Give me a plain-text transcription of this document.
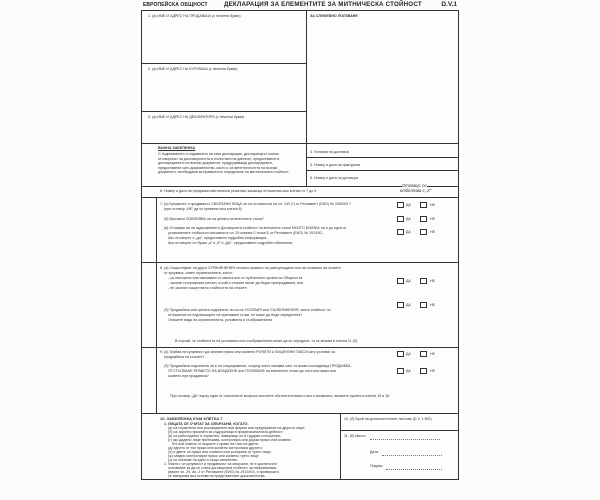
ЕВРОПЕЙСКА ОБЩНОСТ	ДЕКЛАРАЦИЯ ЗА ЕЛЕМЕНТИТЕ ЗА МИТНИЧЕСКА СТОЙНОСТ	D.V.1
1. (а) ИМЕ И АДРЕС НА ПРОДАВАЧА (с печатни букви)	ЗА СЛУЖЕБНО ПОЛЗВАНЕ
2. (а) ИМЕ И АДРЕС НА КУПУВАЧА (с печатни букви)
3. (а) ИМЕ И АДРЕС НА ДЕКЛАРАТОРА (с печатни букви)
ВАЖНА ЗАБЕЛЕЖКА
С подписването и подаването на тази декларация, деклараторът поема
отговорност за достоверността и пълнотата на данните, предоставени в
декларацията и на всички документи, придружаващи декларацията,
предоставени като доказателство, както и за автентичността на всички
документи, необходими за правилното определяне на митническата стойност.
4. Условия на доставка
5. Номер и дата на фактурата
6. Номер и дата на договора
6. Номер и дата на предишни митнически решения, касаещи отношения към клетки от 7 до 9
Отговор: се
отбелязва с „X“
7. (а) Купувачът и продавачът СВЪРЗАНИ ЛИЦА ли са по смисъла на чл. 143 (*) от Регламент (ЕИО) № 2454/93 ?
(при отговор „НЕ“ да се премине към клетка 8)
ДА	НЕ
(б) Връзката ПОВЛИЯВА ли на цената на внесените стоки?	ДА	НЕ
(в) Отговаря ли на задължението Договорната стойност на внесените стоки МНОГО БЛИЗКА ли е до една от
установените стойности изложени в чл. 29 алинея 2 точка Б от Регламент (ЕИО) № 2913/92 ,
Ако отговорът е „да“, предоставете подробна информация:
Ако отговорът по букви „а“ и „б“ е „ДА“, предоставете подробни обяснения.
ДА	НЕ
8. (а) Съществуват ли други ОГРАНИЧЕНИЯ относно правото на разпореждане или на ползване на стоките
от купувача, освен ограниченията, които:
- са наложени или изисквани от закона или от публичните органи на Общността
- засягат географския регион, в който стоките могат да бъдат препродавани, или
- не засягат съществено стойността на стоките
ДА	НЕ
(б) Продажбата или цената подчинени ли са на УСЛОВИЯ или СЪОБРАЖЕНИЯ, чиято стойност по
отношение на подлежащите на оценяване стоки, не може да бъде определена?
Опишете вида на ограниченията, условията и съображенията.
ДА	НЕ
В случай, че стойността на условията или съображенията може да се определи, тя се вписва в клетка 11 (б).
9. (а) Трябва ли купувачът да заплати пряко или косвено РОЯЛТИ и ЛИЦЕНЗНИ ТАКСИ като условие за
продажбата на стоките?
ДА	НЕ
(б) Продажбата подчинена ли е на споразумение, според което някаква част от всяка последваща ПРОДАЖБА,
ОТСТЪПВАНЕ ПРАВОТО НА ВЛАДЕЕНЕ или ПОЛЗВАНЕ на внесените стоки ще постъпи пряко или
косвено при продавача?
ДА	НЕ
При отговор „ДА“ върху един от посочените въпроси посочете обстоятелствата и ако е възможно, впишете сумите в клетки 15 и 16.
10. ЗАБЕЛЕЖКА КЪМ КЛЕТКА 7
1. ЛИЦАТА СЕ СЧИТАТ ЗА СВЪРЗАНИ, КОГАТО:
(а) са служители или ръководители във фирма или предприятие на другото лице;
(б) са законно признати за съдружници в професионалната дейност;
(в) са работодател и служител, намиращи се в трудови отношения;
(г) ако дадено лице притежава, контролира или държи пряко или косвено
5% или повече от акциите с право на глас на двете;
(д) едното от тях пряко или косвено контролира другото;
(е) и двете са пряко или косвено контролирани от трето лице;
(ж) заедно контролират пряко или косвено трето лице;
(з) са членове на едно и също семейство.
2. Фактът, че купувачът и продавачът са свързани, не е достатъчен
основание за да се счита договорната стойност за неприемлива.
(вижте чл. 29, ал. 2 от Регламент (ЕИО) № 2913/92), и проверката
се извършва въз основа на представените доказателства.
10. (б) Брой на допълнителните листове (D.V. 1 BIS)
11. (б) Място:
Дата:
Подпис:
